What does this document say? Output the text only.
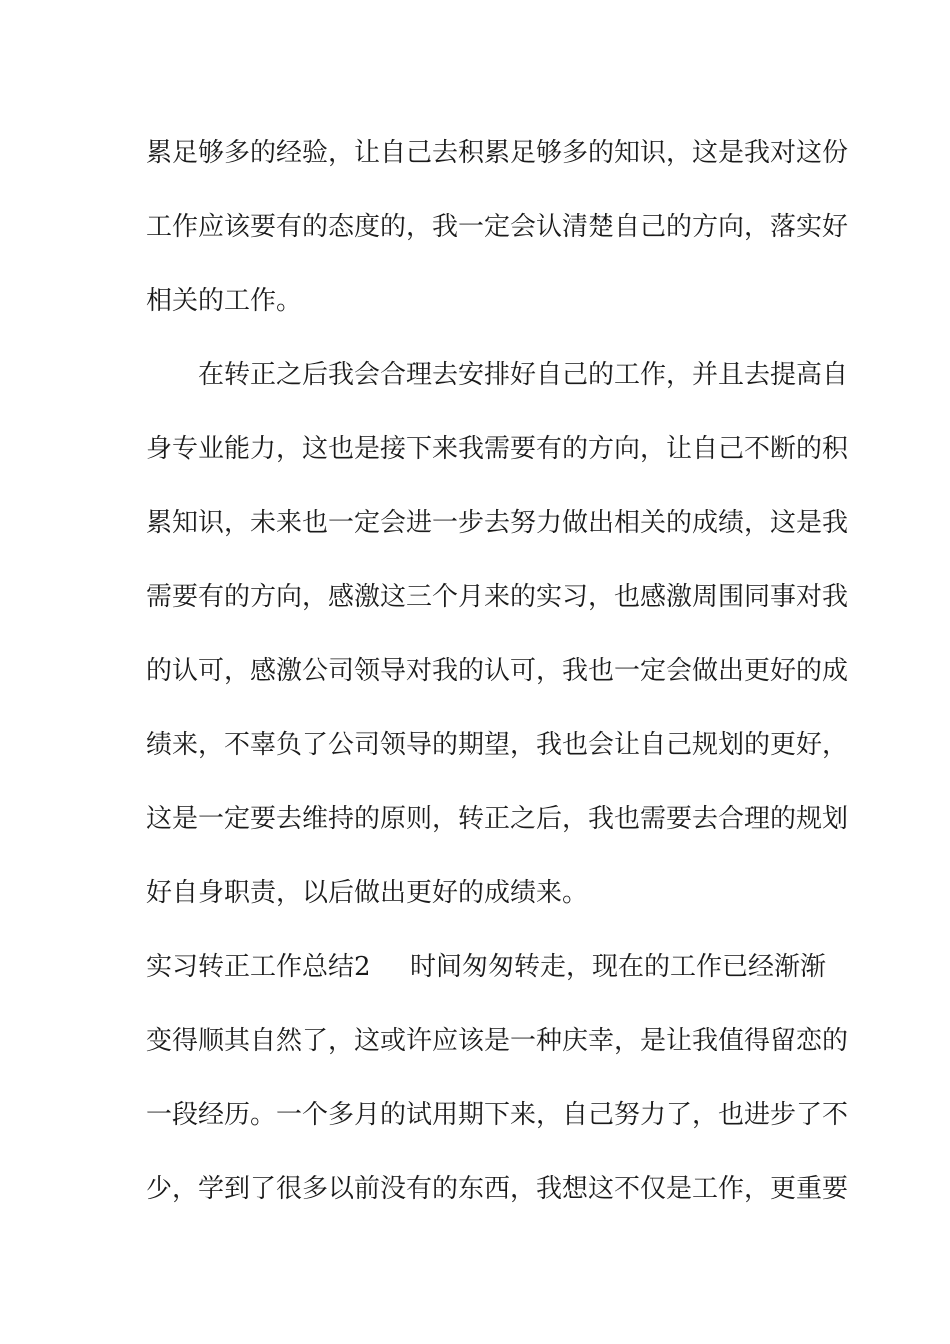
累足够多的经验，让自己去积累足够多的知识，这是我对这份
工作应该要有的态度的，我一定会认清楚自己的方向，落实好
相关的工作。
在转正之后我会合理去安排好自己的工作，并且去提高自
身专业能力，这也是接下来我需要有的方向，让自己不断的积
累知识，未来也一定会进一步去努力做出相关的成绩，这是我
需要有的方向，感激这三个月来的实习，也感激周围同事对我
的认可，感激公司领导对我的认可，我也一定会做出更好的成
绩来，不辜负了公司领导的期望，我也会让自己规划的更好，
这是一定要去维持的原则，转正之后，我也需要去合理的规划
好自身职责，以后做出更好的成绩来。
实习转正工作总结2 时间匆匆转走，现在的工作已经渐渐
变得顺其自然了，这或许应该是一种庆幸，是让我值得留恋的
一段经历。一个多月的试用期下来，自己努力了，也进步了不
少，学到了很多以前没有的东西，我想这不仅是工作，更重要
